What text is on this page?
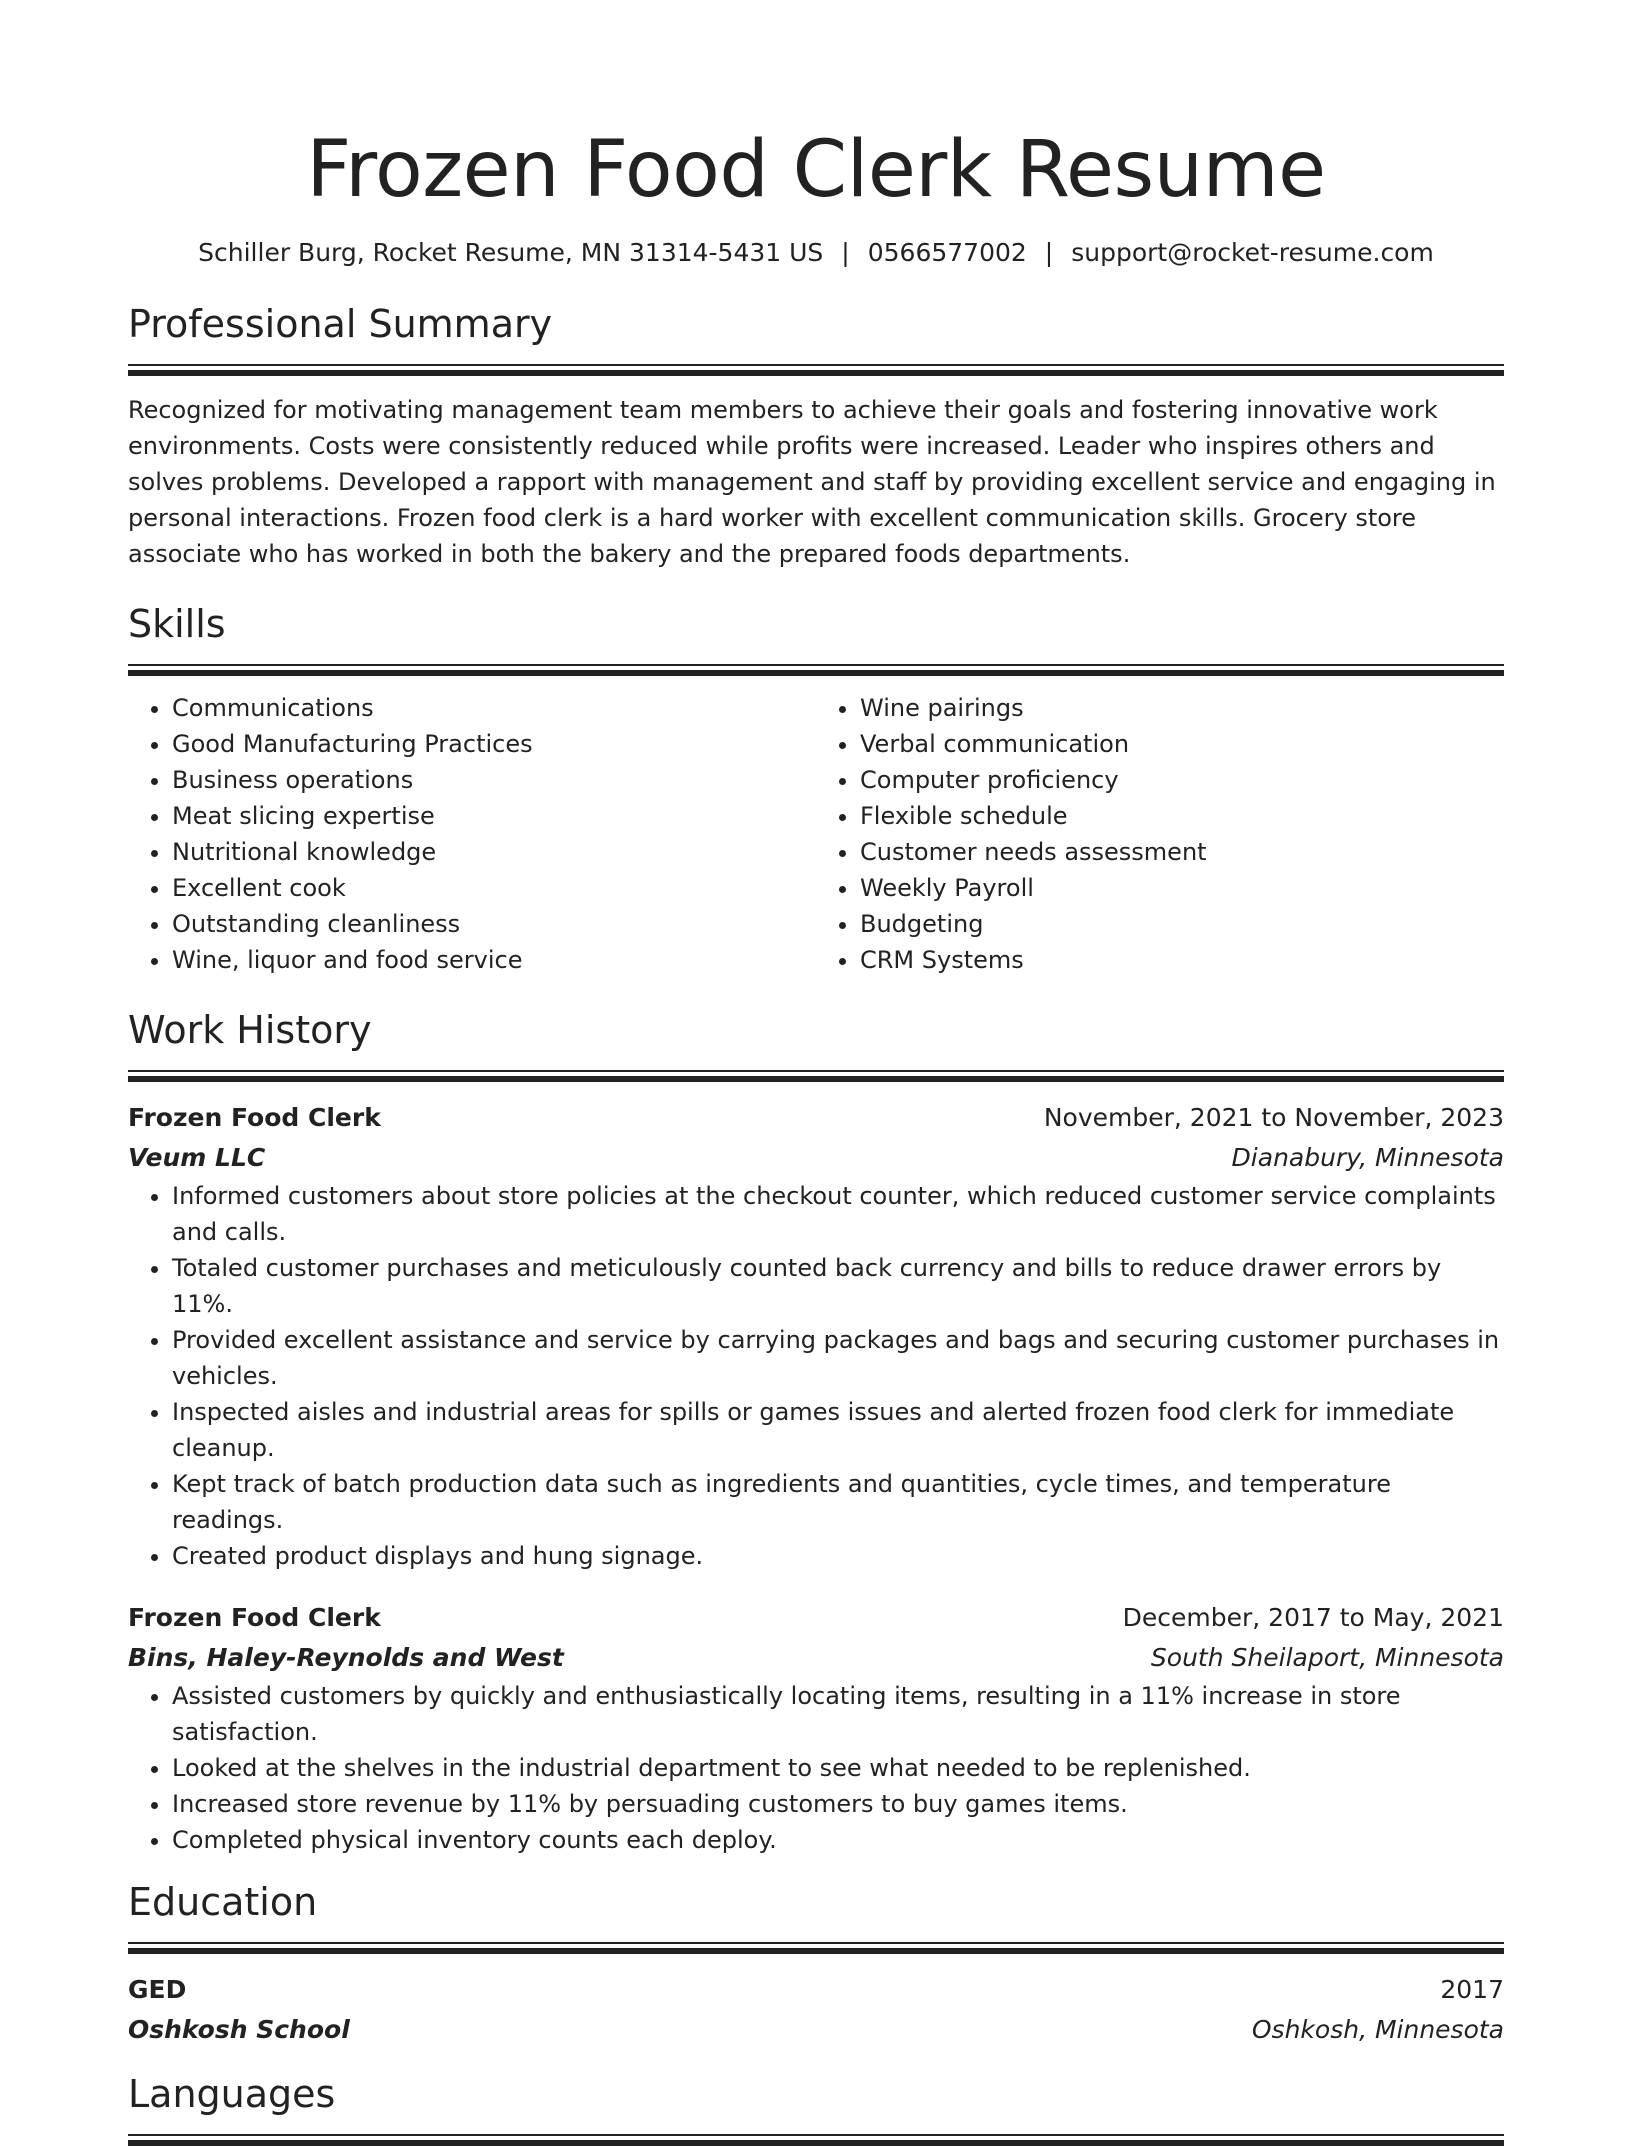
Frozen Food Clerk Resume
Schiller Burg, Rocket Resume, MN 31314-5431 US | 0566577002 | support@rocket-resume.com
Professional Summary

Recognized for motivating management team members to achieve their goals and fostering innovative work environments. Costs were consistently reduced while profits were increased. Leader who inspires others and solves problems. Developed a rapport with management and staff by providing excellent service and engaging in personal interactions. Frozen food clerk is a hard worker with excellent communication skills. Grocery store associate who has worked in both the bakery and the prepared foods departments.

Skills
• Communications
• Good Manufacturing Practices
• Business operations
• Meat slicing expertise
• Nutritional knowledge
• Excellent cook
• Outstanding cleanliness
• Wine, liquor and food service
• Wine pairings
• Verbal communication
• Computer proficiency
• Flexible schedule
• Customer needs assessment
• Weekly Payroll
• Budgeting
• CRM Systems
Work History
Frozen Food Clerk	November, 2021 to November, 2023
Veum LLC	Dianabury, Minnesota
• Informed customers about store policies at the checkout counter, which reduced customer service complaints and calls.
• Totaled customer purchases and meticulously counted back currency and bills to reduce drawer errors by 11%.
• Provided excellent assistance and service by carrying packages and bags and securing customer purchases in vehicles.
• Inspected aisles and industrial areas for spills or games issues and alerted frozen food clerk for immediate cleanup.
• Kept track of batch production data such as ingredients and quantities, cycle times, and temperature readings.
• Created product displays and hung signage.
Frozen Food Clerk	December, 2017 to May, 2021
Bins, Haley-Reynolds and West	South Sheilaport, Minnesota
• Assisted customers by quickly and enthusiastically locating items, resulting in a 11% increase in store satisfaction.
• Looked at the shelves in the industrial department to see what needed to be replenished.
• Increased store revenue by 11% by persuading customers to buy games items.
• Completed physical inventory counts each deploy.
Education
GED	2017
Oshkosh School	Oshkosh, Minnesota
Languages
